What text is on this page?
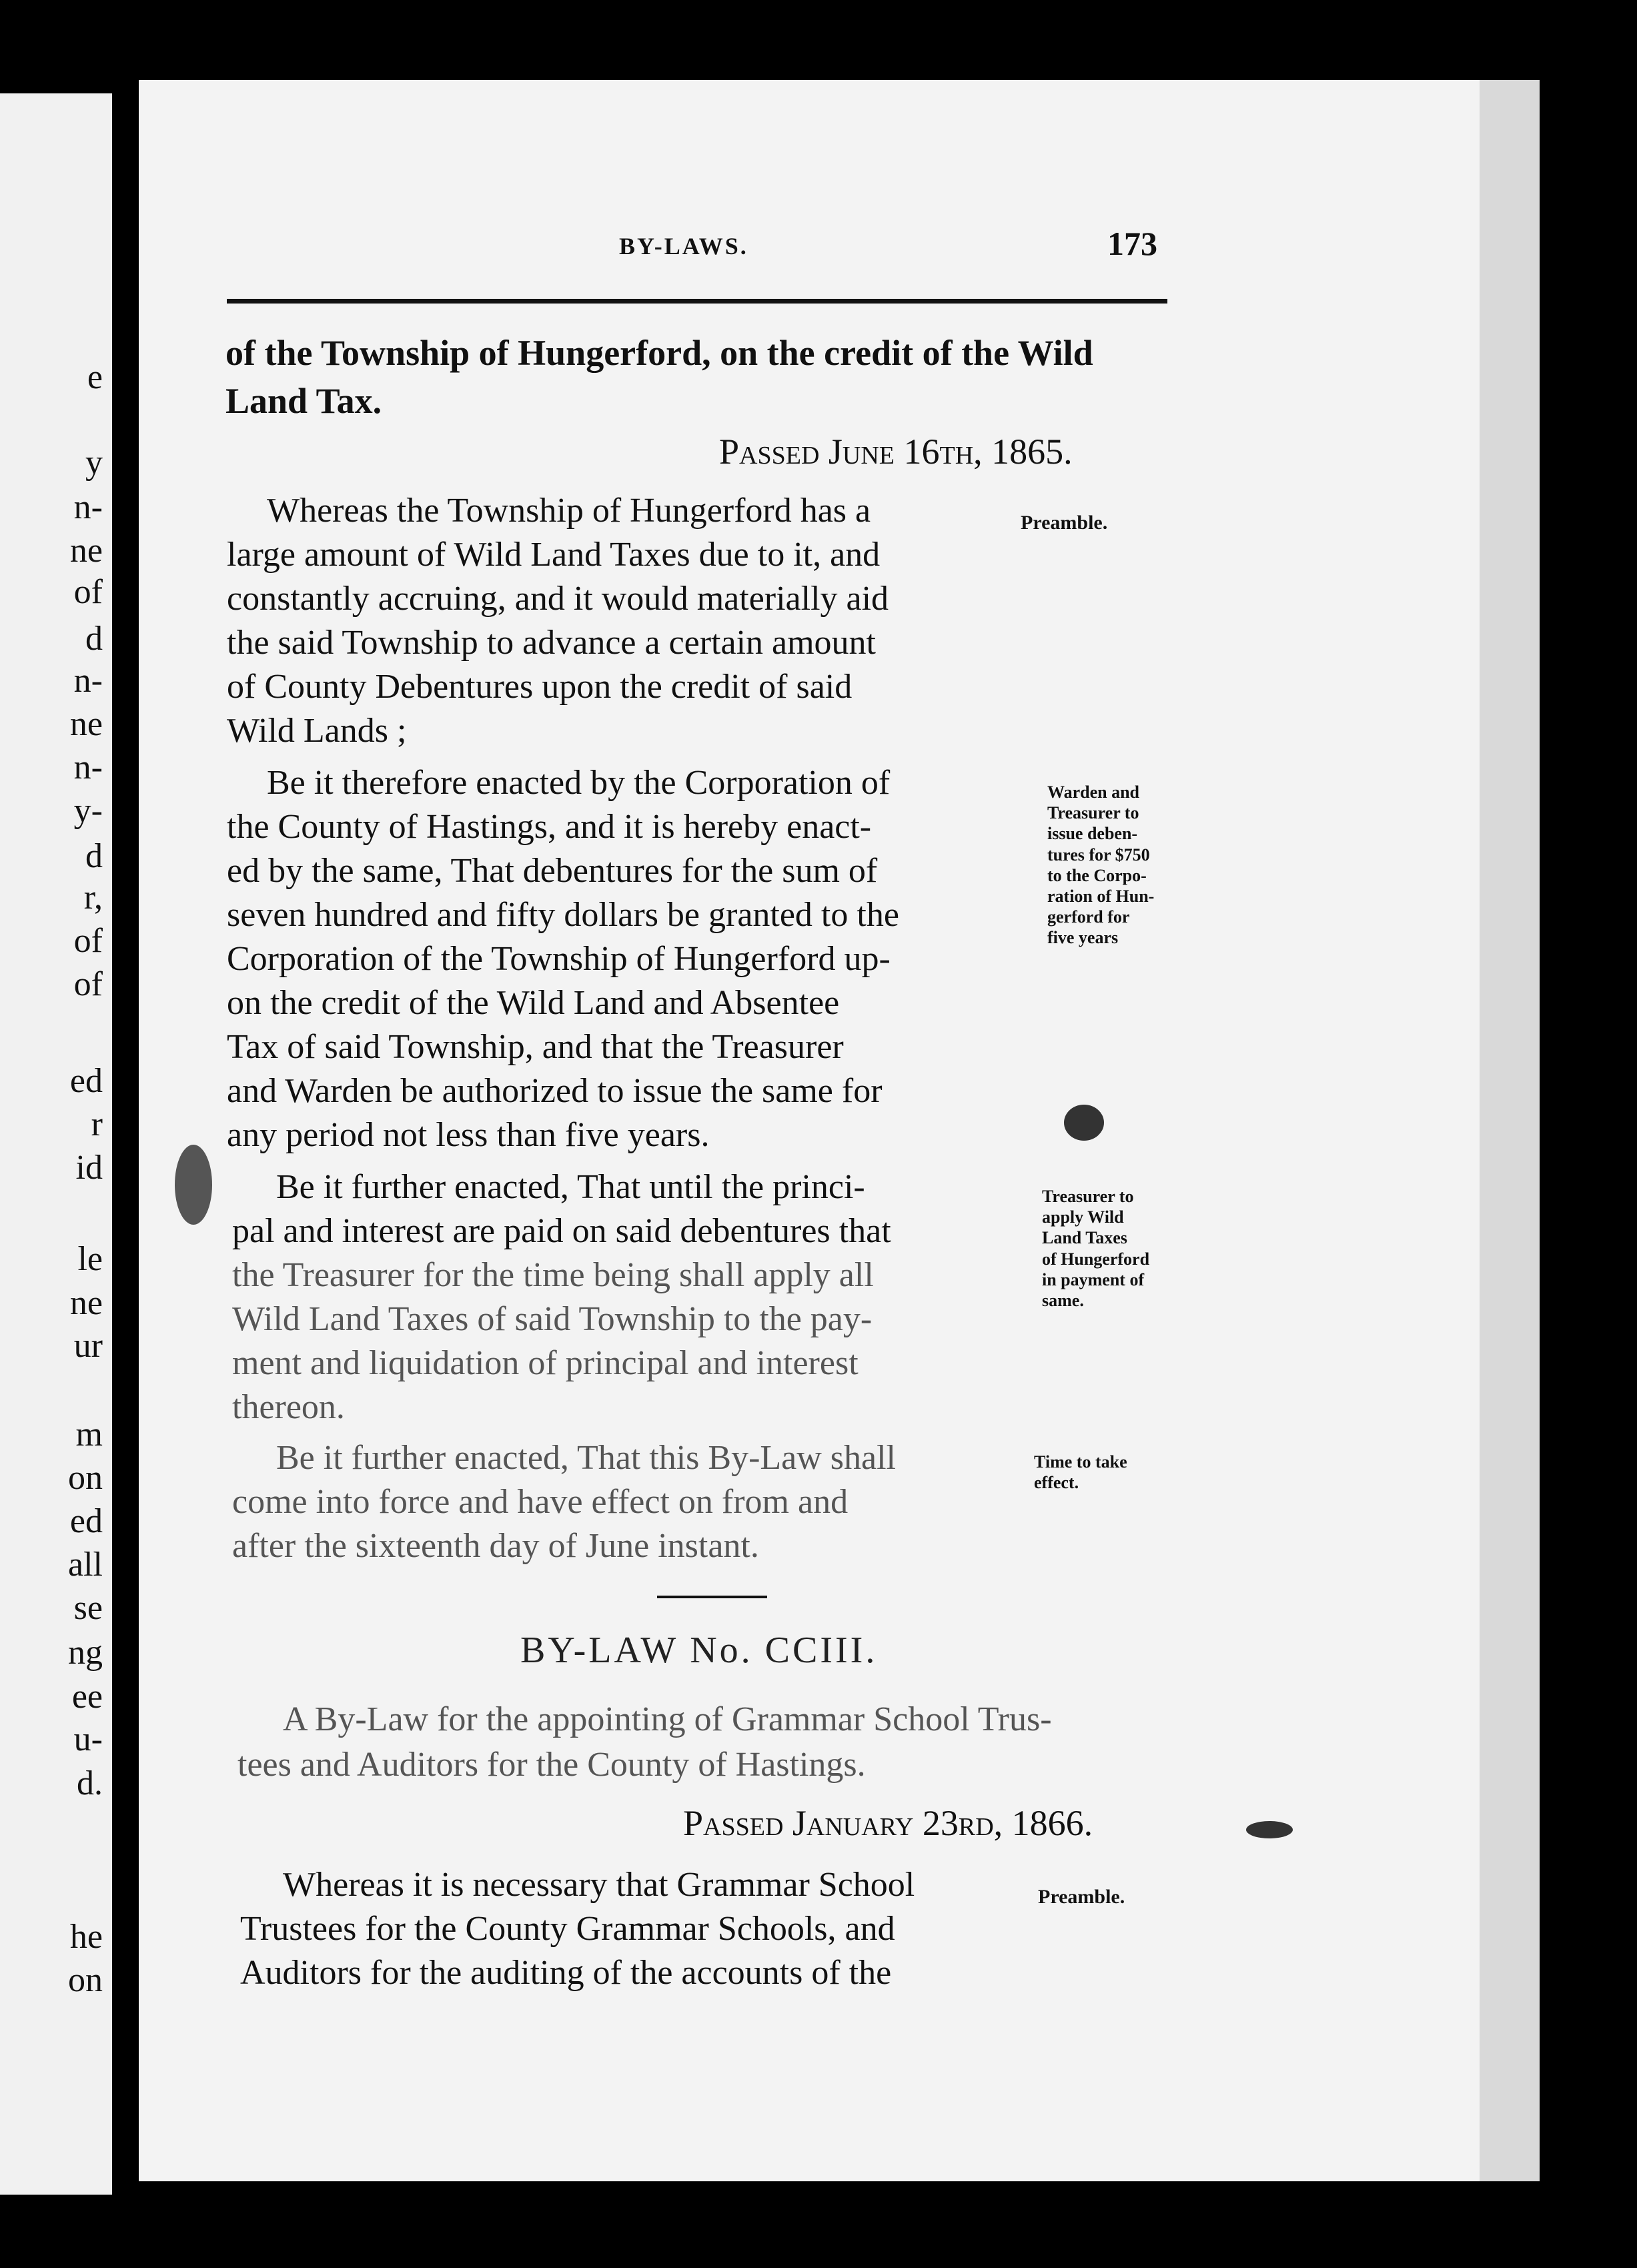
e
y
n-
ne
of
d
n-
ne
n-
y-
d
r,
of
of
ed
r
id
le
ne
ur
m
on
ed
all
se
ng
ee
u-
d.
he
on
BY-LAWS.	173
of the Township of Hungerford, on the credit of the Wild
Land Tax.
Passed June 16th, 1865.
Whereas the Township of Hungerford has a
large amount of Wild Land Taxes due to it, and
constantly accruing, and it would materially aid
the said Township to advance a certain amount
of County Debentures upon the credit of said
Wild Lands ;
Preamble.
Be it therefore enacted by the Corporation of
the County of Hastings, and it is hereby enact-
ed by the same, That debentures for the sum of
seven hundred and fifty dollars be granted to the
Corporation of the Township of Hungerford up-
on the credit of the Wild Land and Absentee
Tax of said Township, and that the Treasurer
and Warden be authorized to issue the same for
any period not less than five years.
Warden and
Treasurer to
issue deben-
tures for $750
to the Corpo-
ration of Hun-
gerford for
five years
Be it further enacted, That until the princi-
pal and interest are paid on said debentures that
the Treasurer for the time being shall apply all
Wild Land Taxes of said Township to the pay-
ment and liquidation of principal and interest
thereon.
Treasurer to
apply Wild
Land Taxes
of Hungerford
in payment of
same.
Be it further enacted, That this By-Law shall
come into force and have effect on from and
after the sixteenth day of June instant.
Time to take
effect.
BY-LAW No. CCIII.
A By-Law for the appointing of Grammar School Trus-
tees and Auditors for the County of Hastings.
Passed January 23rd, 1866.
Whereas it is necessary that Grammar School
Trustees for the County Grammar Schools, and
Auditors for the auditing of the accounts of the
Preamble.
